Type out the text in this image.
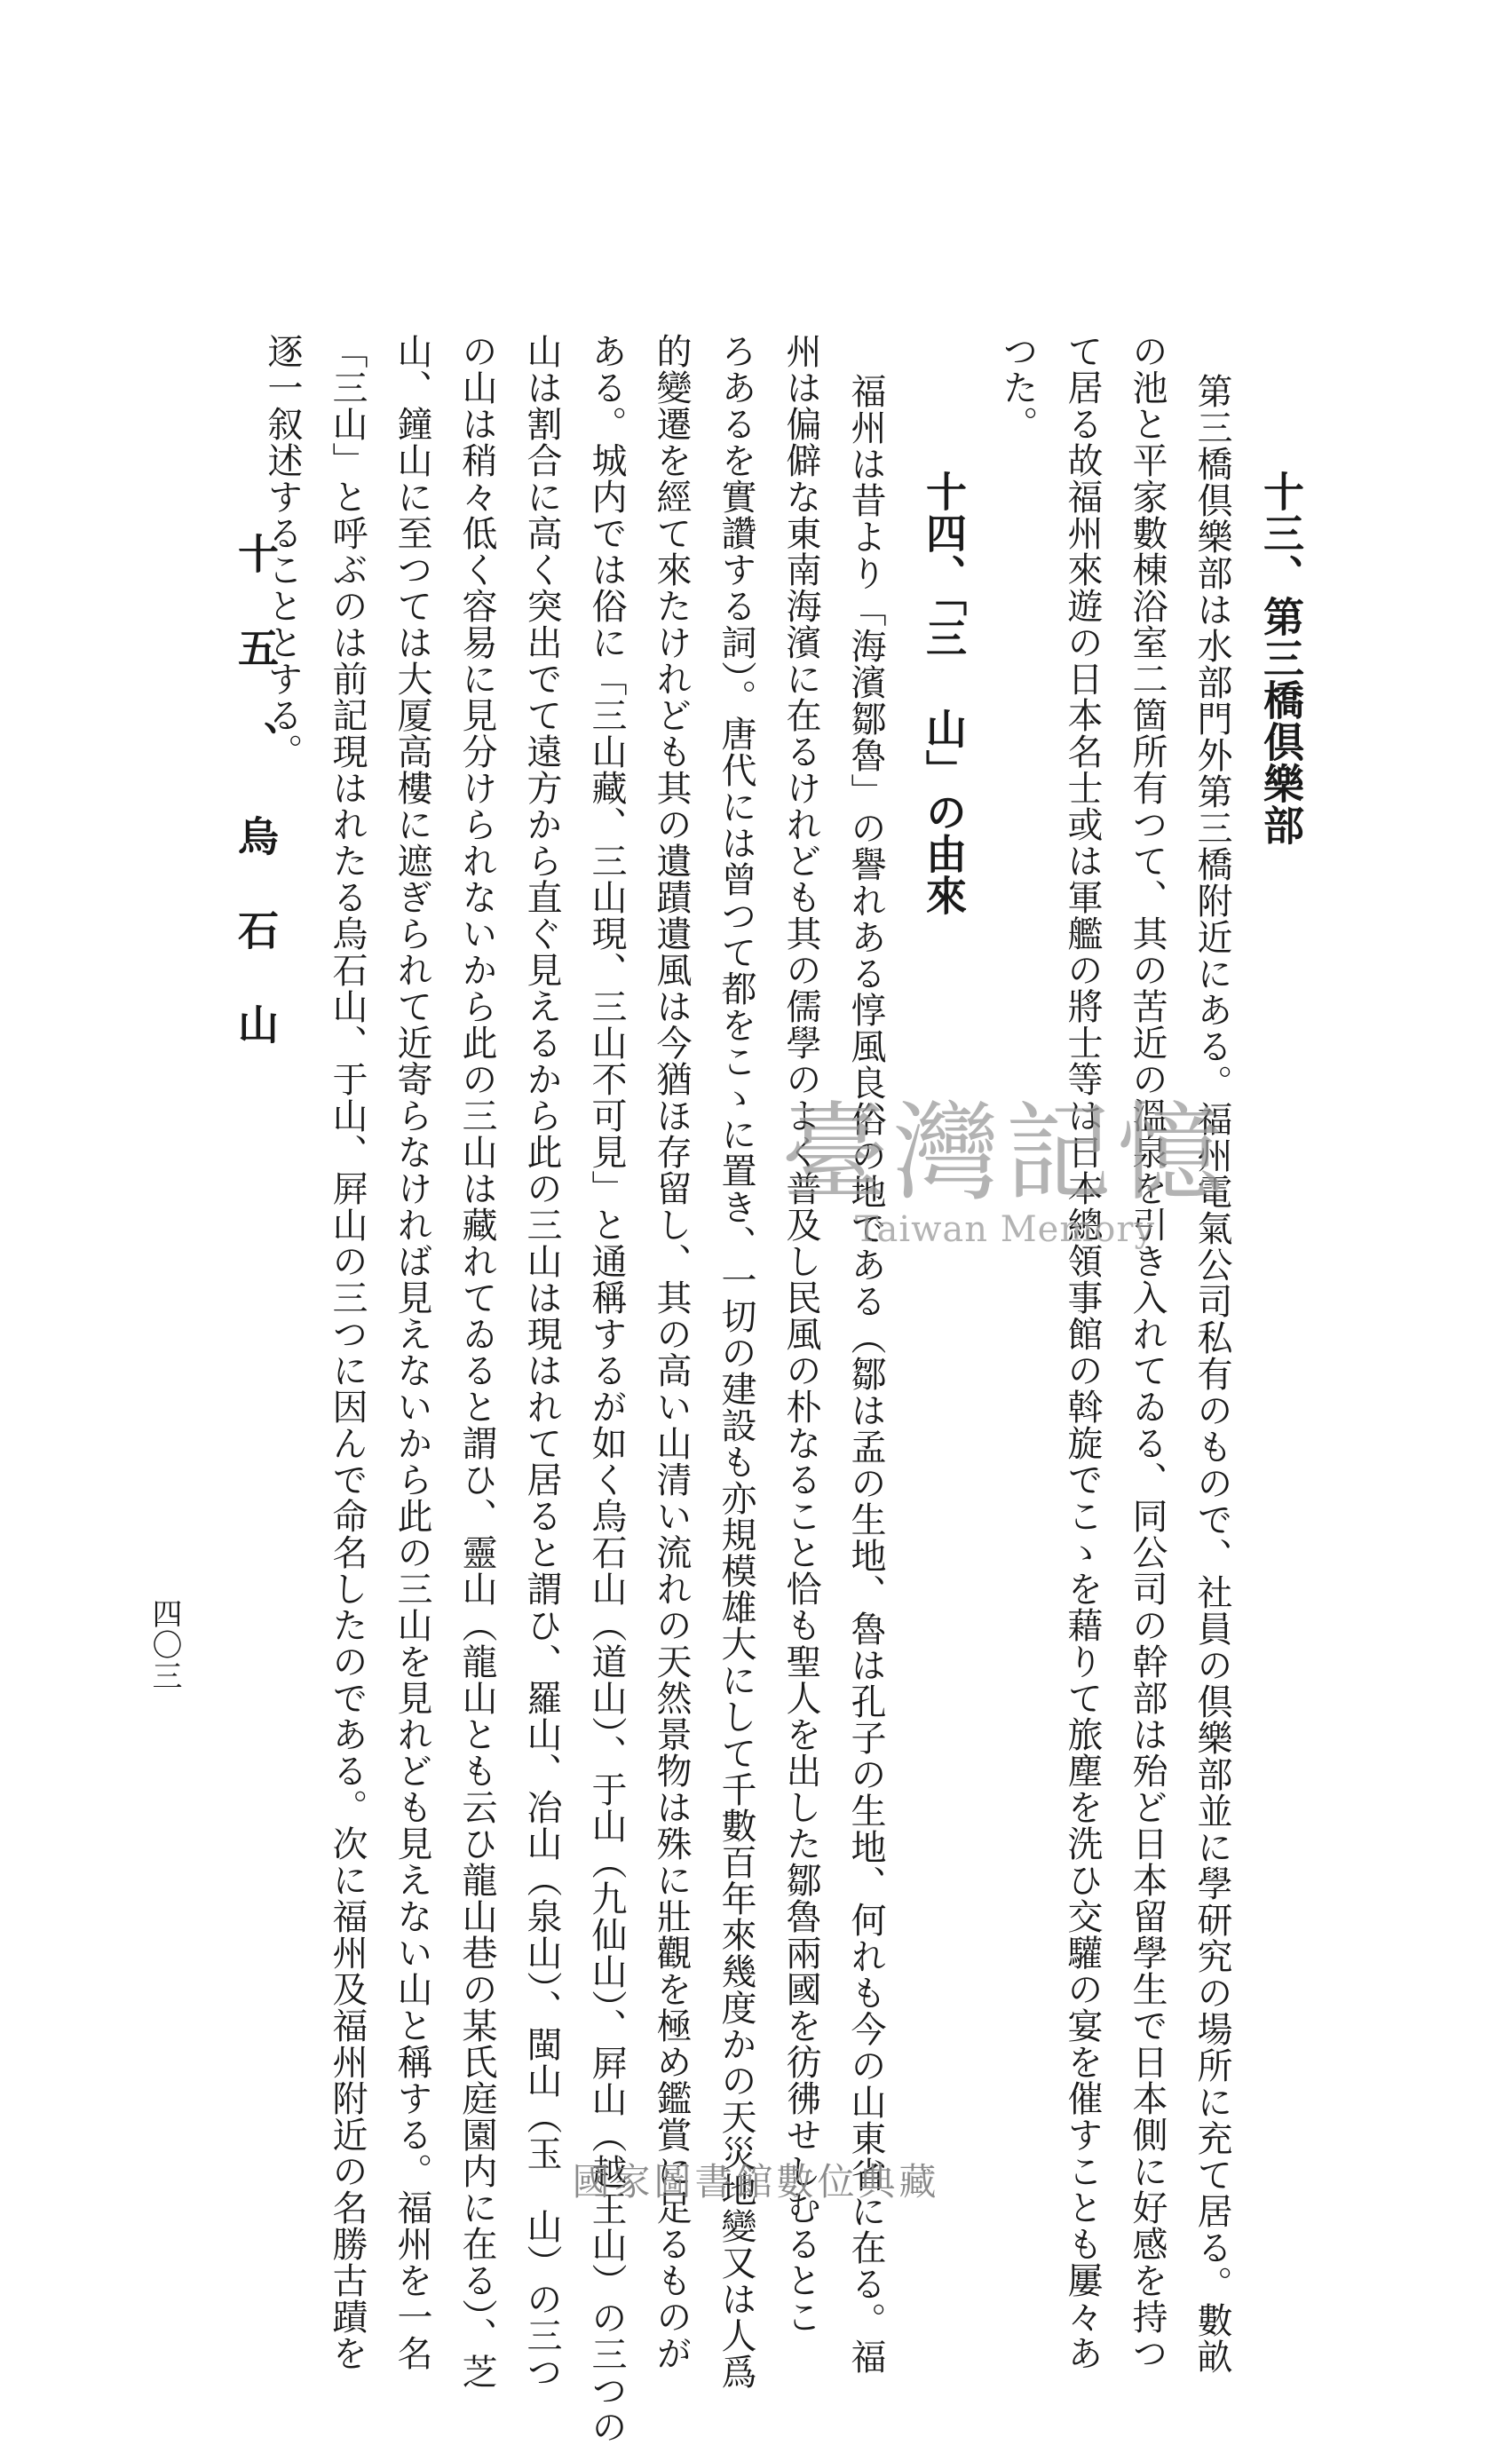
十三、第三橋倶樂部
第三橋倶樂部は水部門外第三橋附近にある。福州電氣公司私有のもので、社員の倶樂部並に學研究の場所に充て居る。數畝
の池と平家數棟浴室二箇所有つて、其の苦近の溫泉を引き入れてゐる、同公司の幹部は殆ど日本留學生で日本側に好感を持つ
て居る故福州來遊の日本名士或は軍艦の將士等は日本總領事館の斡旋でこゝを藉りて旅塵を洗ひ交驩の宴を催すことも屢々あ
つた。
十四、「三 山」の由來
福州は昔より「海濱鄒魯」の譽れある惇風良俗の地である（鄒は孟の生地、魯は孔子の生地、何れも今の山東省に在る。福
州は偏僻な東南海濱に在るけれども其の儒學のよく普及し民風の朴なること恰も聖人を出した鄒魯兩國を彷彿せしむるとこ
ろあるを實讚する詞）。唐代には曾つて都をこゝに置き、一切の建設も亦規模雄大にして千數百年來幾度かの天災地變又は人爲
的變遷を經て來たけれども其の遺蹟遺風は今猶ほ存留し、其の高い山清い流れの天然景物は殊に壯觀を極め鑑賞に足るものが
ある。城内では俗に「三山藏、三山現、三山不可見」と通稱するが如く烏石山（道山）、于山（九仙山）、屛山（越王山）の三つの
山は割合に高く突出でて遠方から直ぐ見えるから此の三山は現はれて居ると謂ひ、羅山、冶山（泉山）、閩山（玉　山）の三つ
の山は稍々低く容易に見分けられないから此の三山は藏れてゐると謂ひ、靈山（龍山とも云ひ龍山巷の某氏庭園内に在る）、芝
山、鐘山に至つては大厦高樓に遮ぎられて近寄らなければ見えないから此の三山を見れども見えない山と稱する。福州を一名
「三山」と呼ぶのは前記現はれたる烏石山、于山、屛山の三つに因んで命名したのである。次に福州及福州附近の名勝古蹟を
逐一叙述することとする。
十五、烏石山
四〇三
臺灣記憶
Taiwan Memory
國家圖書館數位典藏
